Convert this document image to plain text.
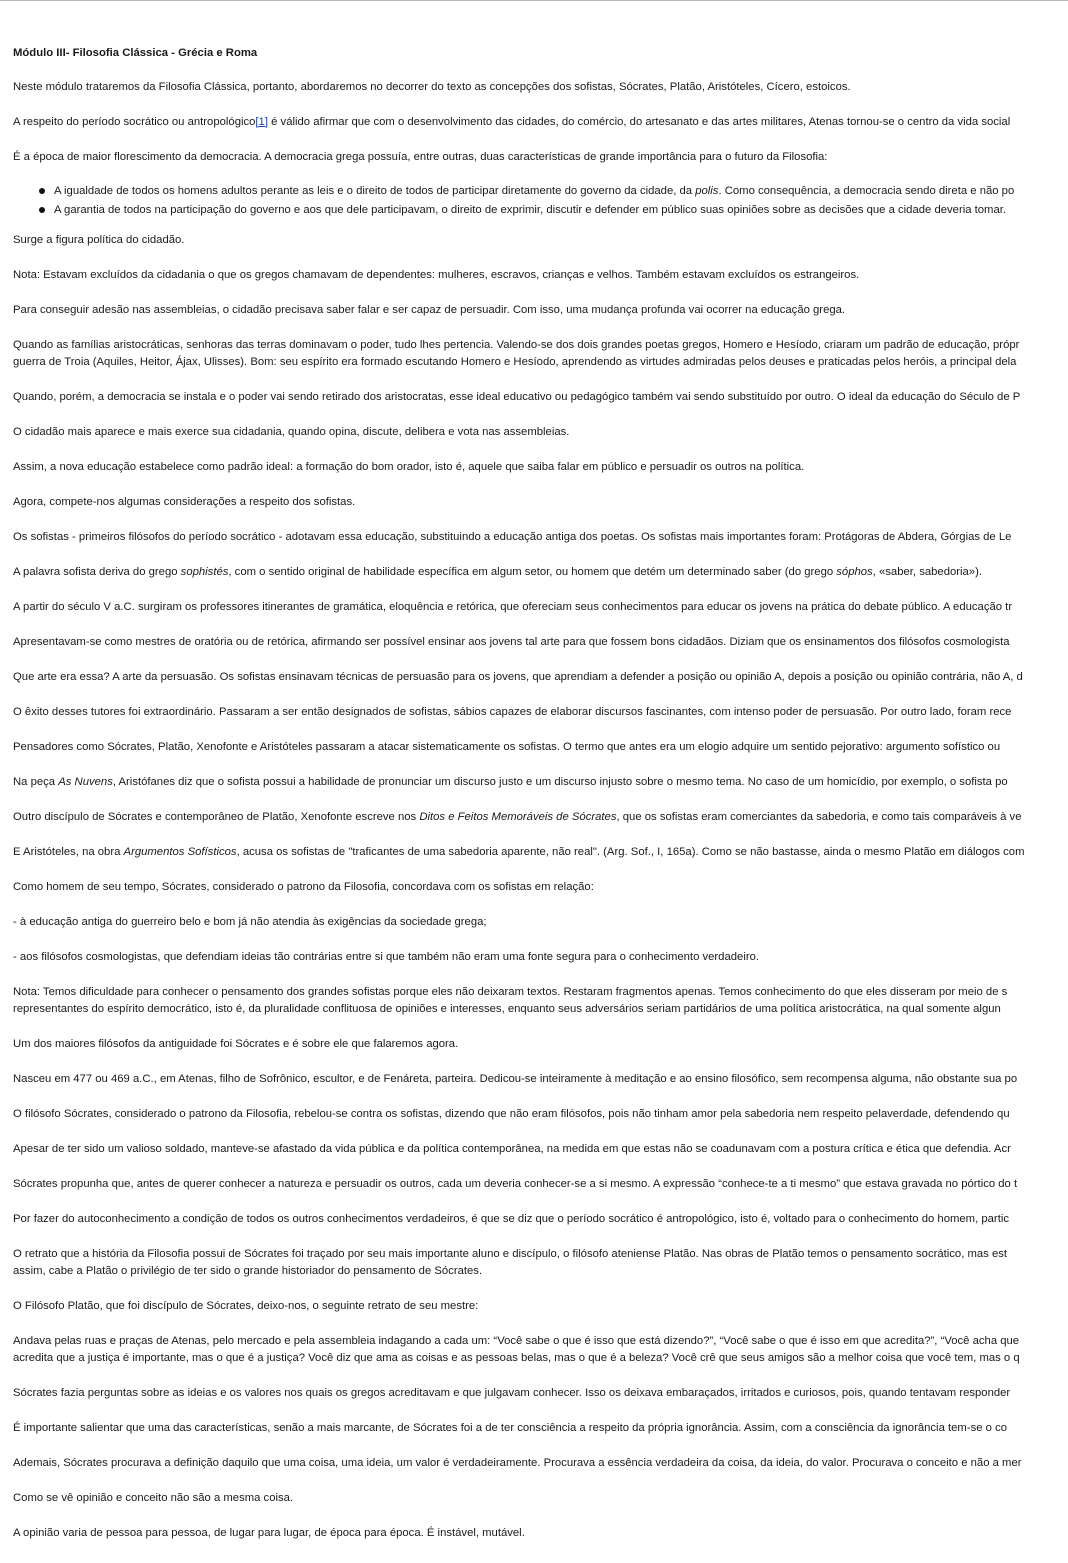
Módulo III- Filosofia Clássica - Grécia e Roma
Neste módulo trataremos da Filosofia Clássica, portanto, abordaremos no decorrer do texto as concepções dos sofistas, Sócrates, Platão, Aristóteles, Cícero, estoicos.
A respeito do período socrático ou antropológico[1] é válido afirmar que com o desenvolvimento das cidades, do comércio, do artesanato e das artes militares, Atenas tornou-se o centro da vida social
É a época de maior florescimento da democracia. A democracia grega possuía, entre outras, duas características de grande importância para o futuro da Filosofia:
A igualdade de todos os homens adultos perante as leis e o direito de todos de participar diretamente do governo da cidade, da polis. Como consequência, a democracia sendo direta e não po
A garantia de todos na participação do governo e aos que dele participavam, o direito de exprimir, discutir e defender em público suas opiniões sobre as decisões que a cidade deveria tomar.
Surge a figura política do cidadão.
Nota: Estavam excluídos da cidadania o que os gregos chamavam de dependentes: mulheres, escravos, crianças e velhos. Também estavam excluídos os estrangeiros.
Para conseguir adesão nas assembleias, o cidadão precisava saber falar e ser capaz de persuadir. Com isso, uma mudança profunda vai ocorrer na educação grega.
Quando as famílias aristocráticas, senhoras das terras dominavam o poder, tudo lhes pertencia. Valendo-se dos dois grandes poetas gregos, Homero e Hesíodo, criaram um padrão de educação, própr
guerra de Troia (Aquiles, Heitor, Ájax, Ulisses). Bom: seu espírito era formado escutando Homero e Hesíodo, aprendendo as virtudes admiradas pelos deuses e praticadas pelos heróis, a principal dela
Quando, porém, a democracia se instala e o poder vai sendo retirado dos aristocratas, esse ideal educativo ou pedagógico também vai sendo substituído por outro. O ideal da educação do Século de P
O cidadão mais aparece e mais exerce sua cidadania, quando opina, discute, delibera e vota nas assembleias.
Assim, a nova educação estabelece como padrão ideal: a formação do bom orador, isto é, aquele que saiba falar em público e persuadir os outros na política.
Agora, compete-nos algumas considerações a respeito dos sofistas.
Os sofistas - primeiros filósofos do período socrático - adotavam essa educação, substituindo a educação antiga dos poetas. Os sofistas mais importantes foram: Protágoras de Abdera, Górgias de Le
A palavra sofista deriva do grego sophistés, com o sentido original de habilidade específica em algum setor, ou homem que detém um determinado saber (do grego sóphos, «saber, sabedoria»).
A partir do século V a.C. surgiram os professores itinerantes de gramática, eloquência e retórica, que ofereciam seus conhecimentos para educar os jovens na prática do debate público. A educação tr
Apresentavam-se como mestres de oratória ou de retórica, afirmando ser possível ensinar aos jovens tal arte para que fossem bons cidadãos. Diziam que os ensinamentos dos filósofos cosmologista
Que arte era essa? A arte da persuasão. Os sofistas ensinavam técnicas de persuasão para os jovens, que aprendiam a defender a posição ou opinião A, depois a posição ou opinião contrária, não A, d
O êxito desses tutores foi extraordinário. Passaram a ser então designados de sofistas, sábios capazes de elaborar discursos fascinantes, com intenso poder de persuasão. Por outro lado, foram rece
Pensadores como Sócrates, Platão, Xenofonte e Aristóteles passaram a atacar sistematicamente os sofistas. O termo que antes era um elogio adquire um sentido pejorativo: argumento sofístico ou
Na peça As Nuvens, Aristófanes diz que o sofista possui a habilidade de pronunciar um discurso justo e um discurso injusto sobre o mesmo tema. No caso de um homicídio, por exemplo, o sofista po
Outro discípulo de Sócrates e contemporâneo de Platão, Xenofonte escreve nos Ditos e Feitos Memoráveis de Sócrates, que os sofistas eram comerciantes da sabedoria, e como tais comparáveis à ve
E Aristóteles, na obra Argumentos Sofísticos, acusa os sofistas de "traficantes de uma sabedoria aparente, não real". (Arg. Sof., I, 165a). Como se não bastasse, ainda o mesmo Platão em diálogos com
Como homem de seu tempo, Sócrates, considerado o patrono da Filosofia, concordava com os sofistas em relação:
- à educação antiga do guerreiro belo e bom já não atendia às exigências da sociedade grega;
- aos filósofos cosmologistas, que defendiam ideias tão contrárias entre si que também não eram uma fonte segura para o conhecimento verdadeiro.
Nota: Temos dificuldade para conhecer o pensamento dos grandes sofistas porque eles não deixaram textos. Restaram fragmentos apenas. Temos conhecimento do que eles disseram por meio de s
representantes do espírito democrático, isto é, da pluralidade conflituosa de opiniões e interesses, enquanto seus adversários seriam partidários de uma política aristocrática, na qual somente algun
Um dos maiores filósofos da antiguidade foi Sócrates e é sobre ele que falaremos agora.
Nasceu em 477 ou 469 a.C., em Atenas, filho de Sofrônico, escultor, e de Fenáreta, parteira. Dedicou-se inteiramente à meditação e ao ensino filosófico, sem recompensa alguma, não obstante sua po
O filósofo Sócrates, considerado o patrono da Filosofia, rebelou-se contra os sofistas, dizendo que não eram filósofos, pois não tinham amor pela sabedoria nem respeito pelaverdade, defendendo qu
Apesar de ter sido um valioso soldado, manteve-se afastado da vida pública e da política contemporânea, na medida em que estas não se coadunavam com a postura crítica e ética que defendia. Acr
Sócrates propunha que, antes de querer conhecer a natureza e persuadir os outros, cada um deveria conhecer-se a si mesmo. A expressão “conhece-te a ti mesmo” que estava gravada no pórtico do t
Por fazer do autoconhecimento a condição de todos os outros conhecimentos verdadeiros, é que se diz que o período socrático é antropológico, isto é, voltado para o conhecimento do homem, partic
O retrato que a história da Filosofia possui de Sócrates foi traçado por seu mais importante aluno e discípulo, o filósofo ateniense Platão. Nas obras de Platão temos o pensamento socrático, mas est
assim, cabe a Platão o privilégio de ter sido o grande historiador do pensamento de Sócrates.
O Filósofo Platão, que foi discípulo de Sócrates, deixo-nos, o seguinte retrato de seu mestre:
Andava pelas ruas e praças de Atenas, pelo mercado e pela assembleia indagando a cada um: “Você sabe o que é isso que está dizendo?”, “Você sabe o que é isso em que acredita?”, “Você acha que
acredita que a justiça é importante, mas o que é a justiça? Você diz que ama as coisas e as pessoas belas, mas o que é a beleza? Você crê que seus amigos são a melhor coisa que você tem, mas o q
Sócrates fazia perguntas sobre as ideias e os valores nos quais os gregos acreditavam e que julgavam conhecer. Isso os deixava embaraçados, irritados e curiosos, pois, quando tentavam responder
É importante salientar que uma das características, senão a mais marcante, de Sócrates foi a de ter consciência a respeito da própria ignorância. Assim, com a consciência da ignorância tem-se o co
Ademais, Sócrates procurava a definição daquilo que uma coisa, uma ideia, um valor é verdadeiramente. Procurava a essência verdadeira da coisa, da ideia, do valor. Procurava o conceito e não a mer
Como se vê opinião e conceito não são a mesma coisa.
A opinião varia de pessoa para pessoa, de lugar para lugar, de época para época. É instável, mutável.
